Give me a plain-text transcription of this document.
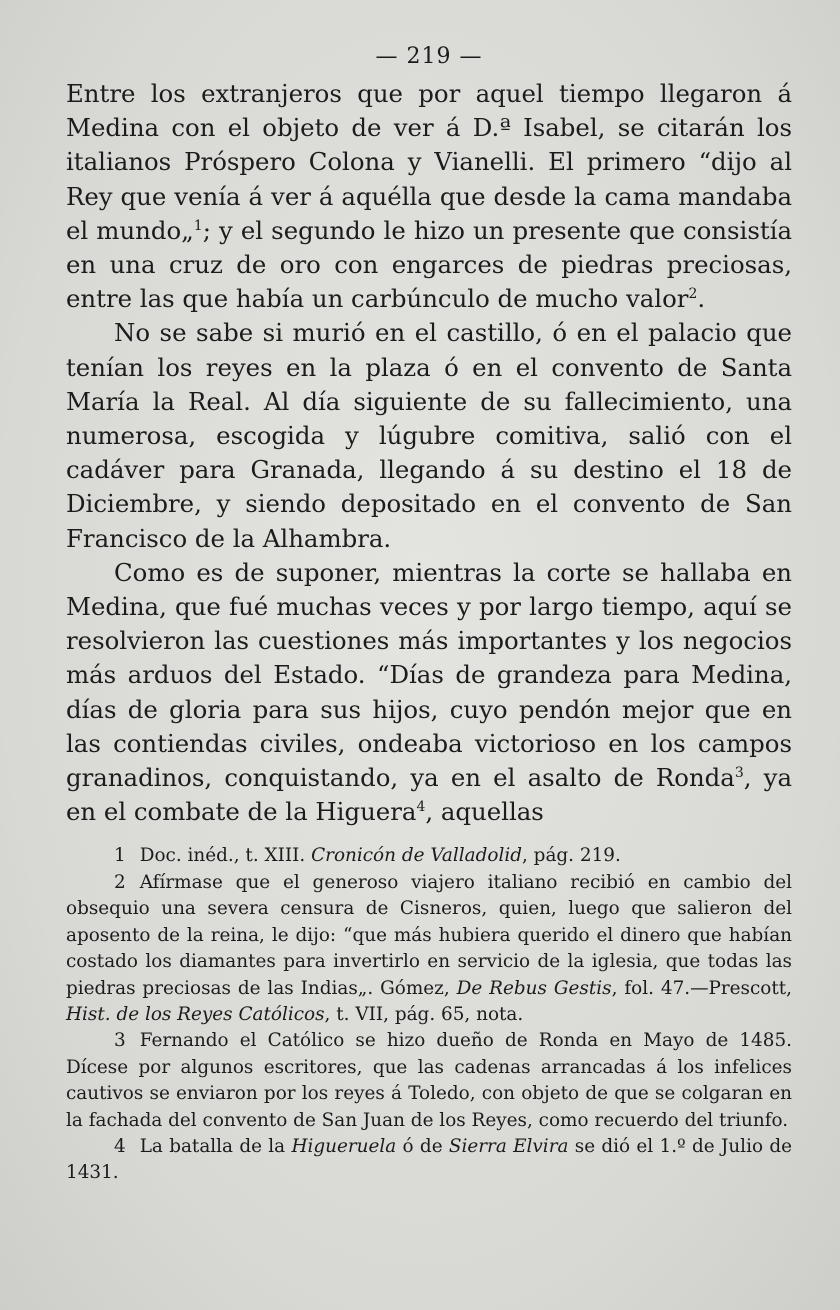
— 219 —

Entre los extranjeros que por aquel tiempo llegaron á Medina con el objeto de ver á D.ª Isabel, se citarán los italianos Próspero Colona y Vianelli. El primero “dijo al Rey que venía á ver á aquélla que desde la cama mandaba el mundo„$^1$; y el segundo le hizo un presente que consistía en una cruz de oro con engarces de piedras preciosas, entre las que había un carbúnculo de mucho valor$^2$.

No se sabe si murió en el castillo, ó en el palacio que tenían los reyes en la plaza ó en el convento de Santa María la Real. Al día siguiente de su fallecimiento, una numerosa, escogida y lúgubre comitiva, salió con el cadáver para Granada, llegando á su destino el 18 de Diciembre, y siendo depositado en el convento de San Francisco de la Alhambra.

Como es de suponer, mientras la corte se hallaba en Medina, que fué muchas veces y por largo tiempo, aquí se resolvieron las cuestiones más importantes y los negocios más arduos del Estado. “Días de grandeza para Medina, días de gloria para sus hijos, cuyo pendón mejor que en las contiendas civiles, ondeaba victorioso en los campos granadinos, conquistando, ya en el asalto de Ronda$^3$, ya en el combate de la Higuera$^4$, aquellas

1 Doc. inéd., t. XIII. Cronicón de Valladolid, pág. 219.

2 Afírmase que el generoso viajero italiano recibió en cambio del obsequio una severa censura de Cisneros, quien, luego que salieron del aposento de la reina, le dijo: “que más hubiera querido el dinero que habían costado los diamantes para invertirlo en servicio de la iglesia, que todas las piedras preciosas de las Indias„. Gómez, De Rebus Gestis, fol. 47.—Prescott, Hist. de los Reyes Católicos, t. VII, pág. 65, nota.

3 Fernando el Católico se hizo dueño de Ronda en Mayo de 1485. Dícese por algunos escritores, que las cadenas arrancadas á los infelices cautivos se enviaron por los reyes á Toledo, con objeto de que se colgaran en la fachada del convento de San Juan de los Reyes, como recuerdo del triunfo.

4 La batalla de la Higueruela ó de Sierra Elvira se dió el 1.º de Julio de 1431.
